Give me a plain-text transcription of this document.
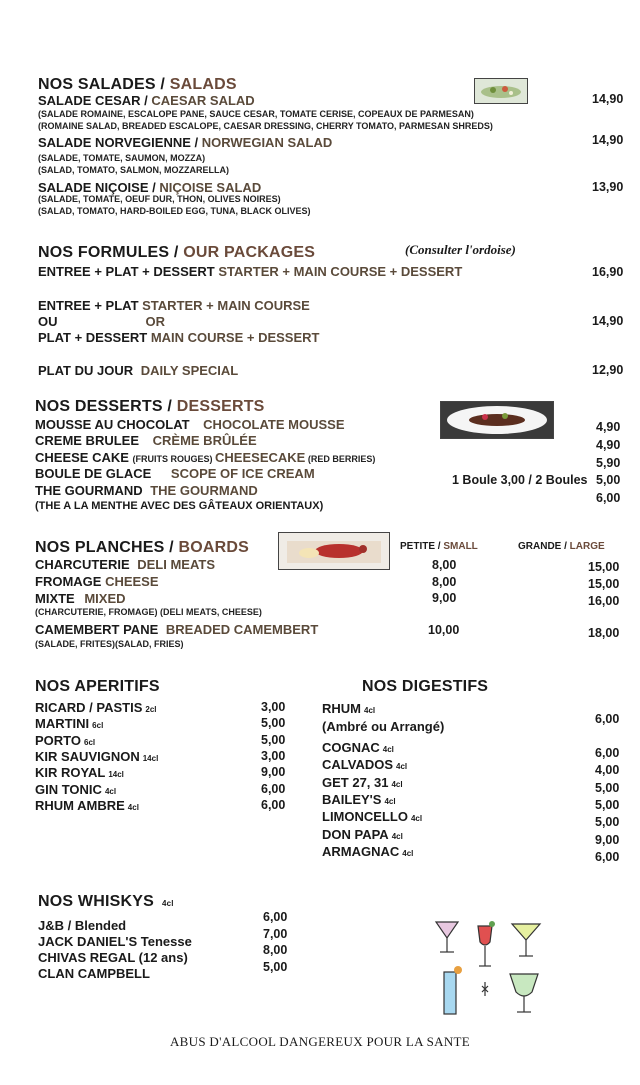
NOS SALADES / SALADS
SALADE CESAR / CAESAR SALAD	14,90
(SALADE ROMAINE, ESCALOPE PANE, SAUCE CESAR, TOMATE CERISE, COPEAUX DE PARMESAN)
(ROMAINE SALAD, BREADED ESCALOPE, CAESAR DRESSING, CHERRY TOMATO, PARMESAN SHREDS)
SALADE NORVEGIENNE / NORWEGIAN SALAD	14,90
(SALADE, TOMATE, SAUMON, MOZZA)
(SALAD, TOMATO, SALMON, MOZZARELLA)
SALADE NIÇOISE / NIÇOISE SALAD	13,90
(SALADE, TOMATE, OEUF DUR, THON, OLIVES NOIRES)
(SALAD, TOMATO, HARD-BOILED EGG, TUNA, BLACK OLIVES)
NOS FORMULES / OUR PACKAGES	(Consulter l'ordoise)
ENTREE + PLAT + DESSERT STARTER + MAIN COURSE + DESSERT	16,90
ENTREE + PLAT STARTER + MAIN COURSE
OU	OR
PLAT + DESSERT MAIN COURSE + DESSERT
14,90
PLAT DU JOUR DAILY SPECIAL	12,90
NOS DESSERTS / DESSERTS
MOUSSE AU CHOCOLAT CHOCOLATE MOUSSE	4,90
CREME BRULEE CRÈME BRÛLÉE	4,90
CHEESE CAKE (FRUITS ROUGES) CHEESECAKE (RED BERRIES)	5,90
BOULE DE GLACE SCOPE OF ICE CREAM	1 Boule 3,00 / 2 Boules 5,00
THE GOURMAND THE GOURMAND	6,00
(THE A LA MENTHE AVEC DES GÂTEAUX ORIENTAUX)
NOS PLANCHES / BOARDS	PETITE / SMALL	GRANDE / LARGE
CHARCUTERIE DELI MEATS	8,00	15,00
FROMAGE CHEESE	8,00	15,00
MIXTE MIXED	9,00	16,00
(CHARCUTERIE, FROMAGE) (DELI MEATS, CHEESE)
CAMEMBERT PANE BREADED CAMEMBERT	10,00	18,00
(SALADE, FRITES)(SALAD, FRIES)
NOS APERITIFS
RICARD / PASTIS 2cl	3,00
MARTINI 6cl	5,00
PORTO 6cl	5,00
KIR SAUVIGNON 14cl	3,00
KIR ROYAL 14cl	9,00
GIN TONIC 4cl	6,00
RHUM AMBRE 4cl	6,00
NOS DIGESTIFS
RHUM 4cl
(Ambré ou Arrangé)	6,00
COGNAC 4cl	6,00
CALVADOS 4cl	4,00
GET 27, 31 4cl	5,00
BAILEY'S 4cl	5,00
LIMONCELLO 4cl	5,00
DON PAPA 4cl	9,00
ARMAGNAC 4cl	6,00
NOS WHISKYS 4cl
J&B / Blended
6,00
JACK DANIEL'S Tenesse
7,00
CHIVAS REGAL (12 ans)	8,00
CLAN CAMPBELL	5,00
ABUS D'ALCOOL DANGEREUX POUR LA SANTE
